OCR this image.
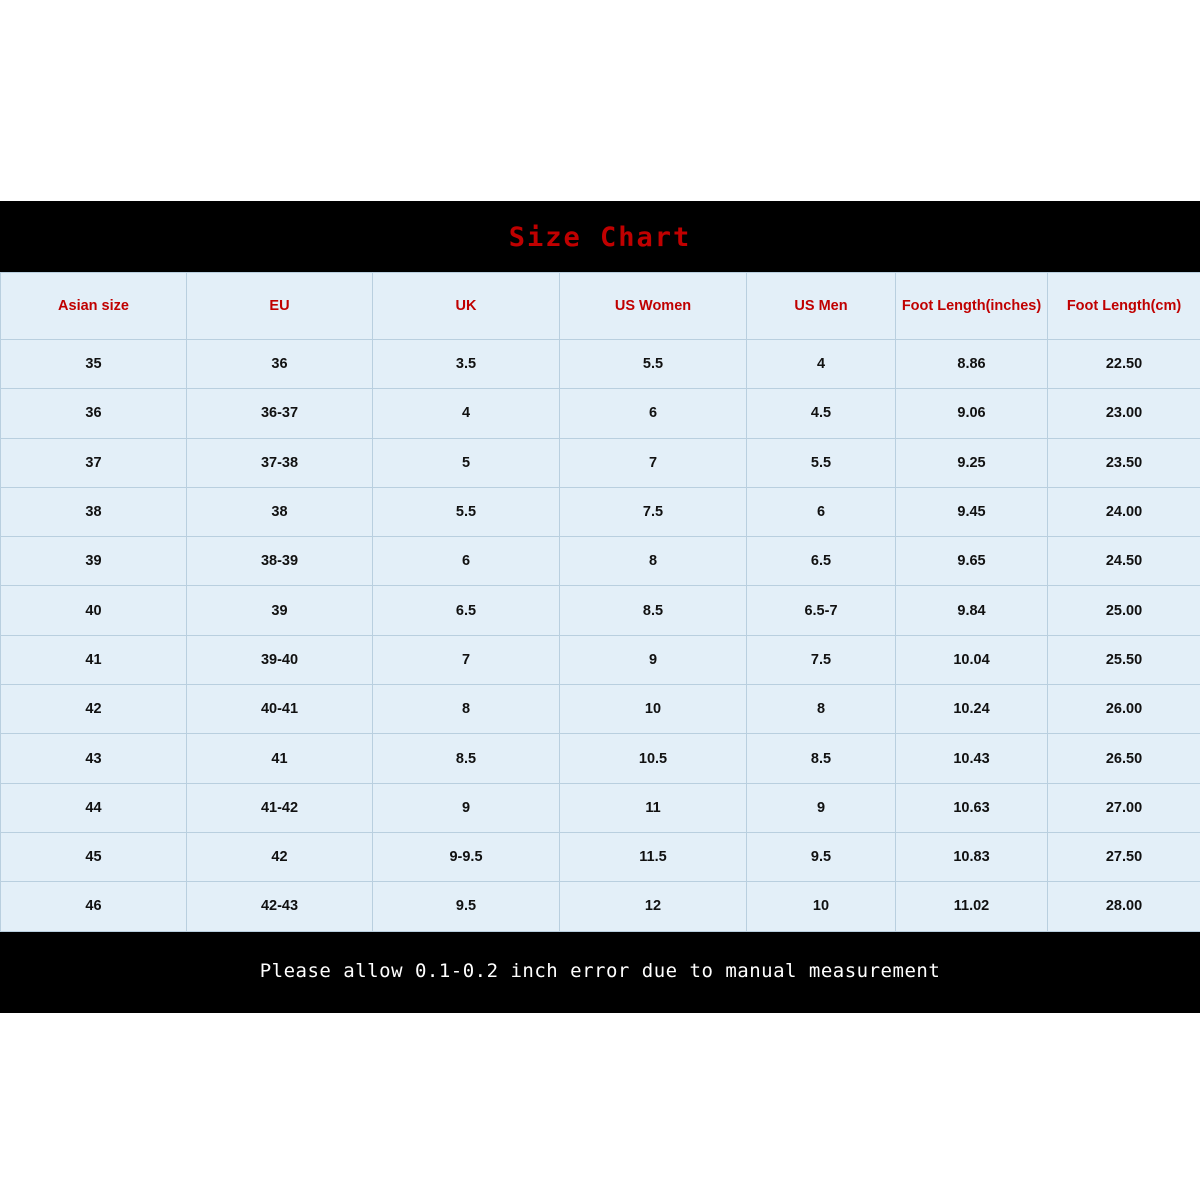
Size Chart
Asian size	EU	UK	US Women	US Men	Foot Length(inches)	Foot Length(cm)
35	36	3.5	5.5	4	8.86	22.50
36	36-37	4	6	4.5	9.06	23.00
37	37-38	5	7	5.5	9.25	23.50
38	38	5.5	7.5	6	9.45	24.00
39	38-39	6	8	6.5	9.65	24.50
40	39	6.5	8.5	6.5-7	9.84	25.00
41	39-40	7	9	7.5	10.04	25.50
42	40-41	8	10	8	10.24	26.00
43	41	8.5	10.5	8.5	10.43	26.50
44	41-42	9	11	9	10.63	27.00
45	42	9-9.5	11.5	9.5	10.83	27.50
46	42-43	9.5	12	10	11.02	28.00
Please allow 0.1-0.2 inch error due to manual measurement
